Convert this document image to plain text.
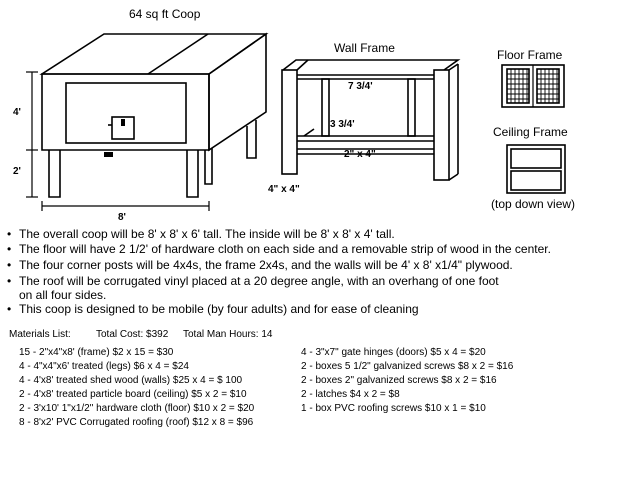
64 sq ft Coop
4'
2'
8'
Wall Frame
7 3/4'
3 3/4'
2" x 4"
4" x 4"
Floor Frame
Ceiling Frame
(top down view)
• The overall coop will be 8' x 8' x 6' tall. The inside will be 8' x 8' x 4' tall.
• The floor will have 2 1/2' of hardware cloth on each side and a removable strip of wood in the center.
• The four corner posts will be 4x4s, the frame 2x4s, and the walls will be 4' x 8' x1/4" plywood.
• The roof will be corrugated vinyl placed at a 20 degree angle, with an overhang of one foot
on all four sides.
• This coop is designed to be mobile (by four adults) and for ease of cleaning
Materials List:	Total Cost: $392 Total Man Hours: 14
15 - 2"x4"x8' (frame) $2 x 15 = $30
4 - 4"x4"x6' treated (legs) $6 x 4 = $24
4 - 4'x8' treated shed wood (walls) $25 x 4 = $ 100
2 - 4'x8' treated particle board (ceiling) $5 x 2 = $10
2 - 3'x10' 1"x1/2" hardware cloth (floor) $10 x 2 = $20
8 - 8'x2' PVC Corrugated roofing (roof) $12 x 8 = $96
4 - 3"x7" gate hinges (doors) $5 x 4 = $20
2 - boxes 5 1/2" galvanized screws $8 x 2 = $16
2 - boxes 2" galvanized screws $8 x 2 = $16
2 - latches $4 x 2 = $8
1 - box PVC roofing screws $10 x 1 = $10
